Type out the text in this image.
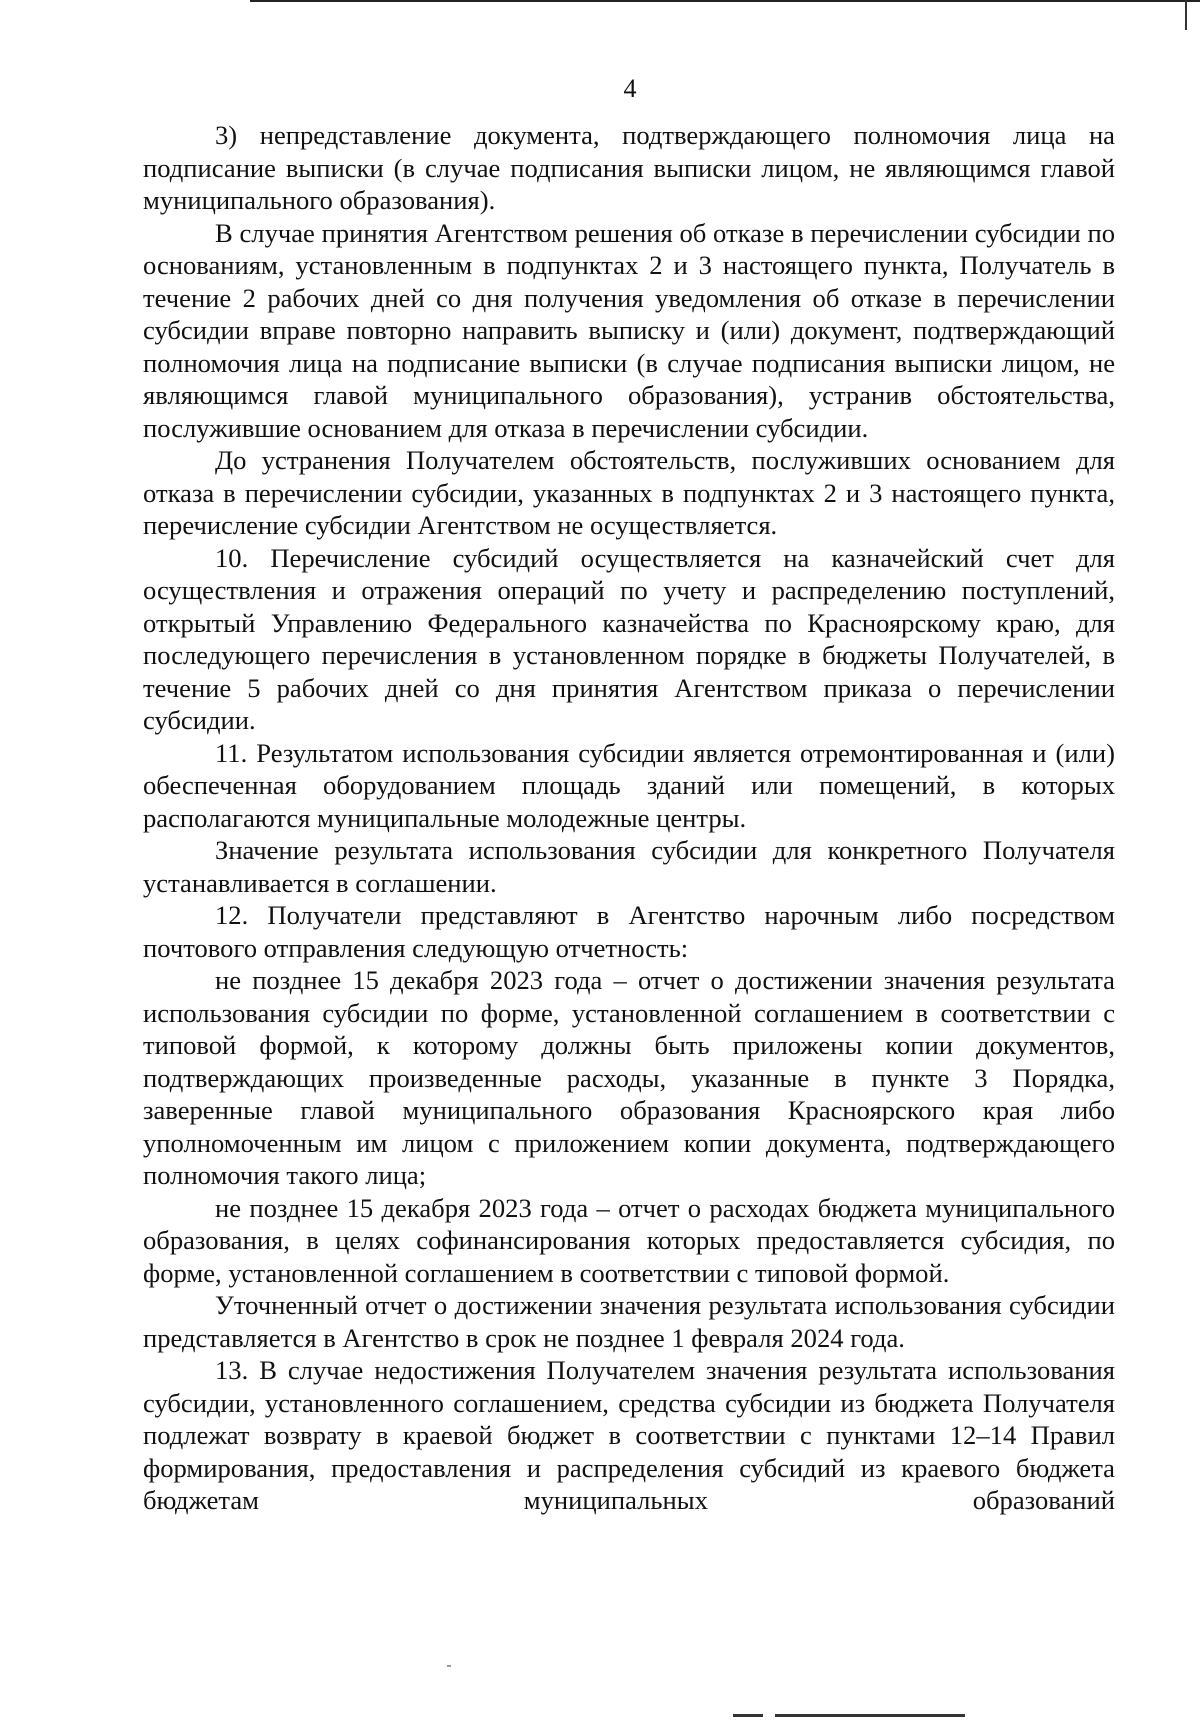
4

3) непредставление документа, подтверждающего полномочия лица на подписание выписки (в случае подписания выписки лицом, не являющимся главой муниципального образования).

В случае принятия Агентством решения об отказе в перечислении субсидии по основаниям, установленным в подпунктах 2 и 3 настоящего пункта, Получатель в течение 2 рабочих дней со дня получения уведомления об отказе в перечислении субсидии вправе повторно направить выписку и (или) документ, подтверждающий полномочия лица на подписание выписки (в случае подписания выписки лицом, не являющимся главой муниципального образования), устранив обстоятельства, послужившие основанием для отказа в перечислении субсидии.

До устранения Получателем обстоятельств, послуживших основанием для отказа в перечислении субсидии, указанных в подпунктах 2 и 3 настоящего пункта, перечисление субсидии Агентством не осуществляется.

10. Перечисление субсидий осуществляется на казначейский счет для осуществления и отражения операций по учету и распределению поступлений, открытый Управлению Федерального казначейства по Красноярскому краю, для последующего перечисления в установленном порядке в бюджеты Получателей, в течение 5 рабочих дней со дня принятия Агентством приказа о перечислении субсидии.

11. Результатом использования субсидии является отремонтированная и (или) обеспеченная оборудованием площадь зданий или помещений, в которых располагаются муниципальные молодежные центры.

Значение результата использования субсидии для конкретного Получателя устанавливается в соглашении.

12. Получатели представляют в Агентство нарочным либо посредством почтового отправления следующую отчетность:

не позднее 15 декабря 2023 года – отчет о достижении значения результата использования субсидии по форме, установленной соглашением в соответствии с типовой формой, к которому должны быть приложены копии документов, подтверждающих произведенные расходы, указанные в пункте 3 Порядка, заверенные главой муниципального образования Красноярского края либо уполномоченным им лицом с приложением копии документа, подтверждающего полномочия такого лица;

не позднее 15 декабря 2023 года – отчет о расходах бюджета муниципального образования, в целях софинансирования которых предоставляется субсидия, по форме, установленной соглашением в соответствии с типовой формой.

Уточненный отчет о достижении значения результата использования субсидии представляется в Агентство в срок не позднее 1 февраля 2024 года.

13. В случае недостижения Получателем значения результата использования субсидии, установленного соглашением, средства субсидии из бюджета Получателя подлежат возврату в краевой бюджет в соответствии с пунктами 12–14 Правил формирования, предоставления и распределения субсидий из краевого бюджета бюджетам муниципальных образований
